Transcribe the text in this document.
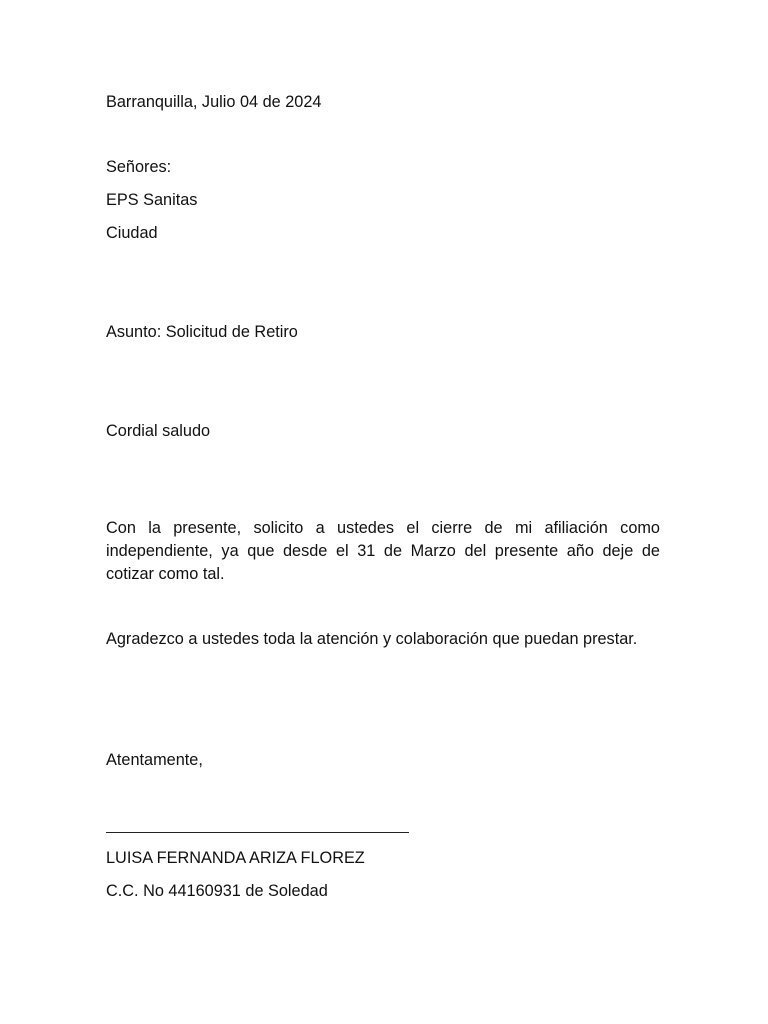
Barranquilla, Julio 04 de 2024
Señores:
EPS Sanitas
Ciudad
Asunto: Solicitud de Retiro
Cordial saludo
Con la presente, solicito a ustedes el cierre de mi afiliación como independiente, ya que desde el 31 de Marzo del presente año deje de cotizar como tal.
Agradezco a ustedes toda la atención y colaboración que puedan prestar.
Atentamente,
LUISA FERNANDA ARIZA FLOREZ
C.C. No 44160931 de Soledad
